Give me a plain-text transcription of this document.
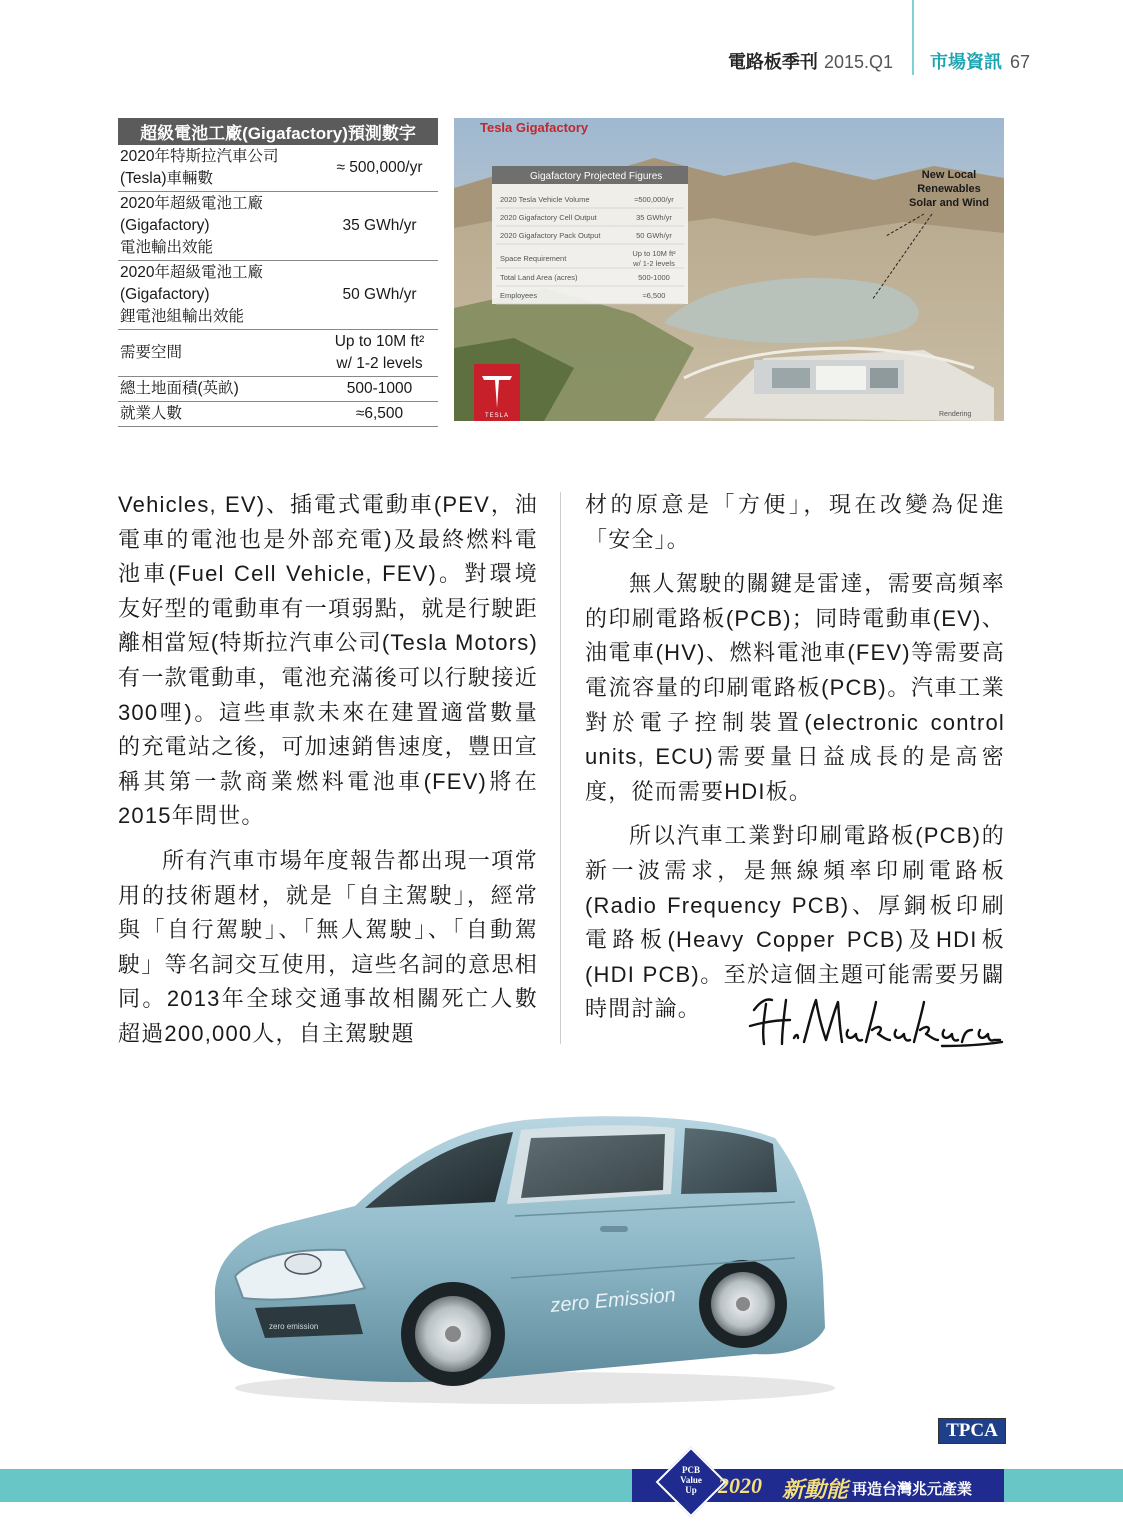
電路板季刊 2015.Q1 市場資訊 67
超級電池工廠(Gigafactory)預測數字	

2020年特斯拉汽車公司
(Tesla)車輛數	≈ 500,000/yr

2020年超級電池工廠
(Gigafactory)
電池輸出效能	35 GWh/yr

2020年超級電池工廠
(Gigafactory)
鋰電池組輸出效能	50 GWh/yr

需要空間	Up to 10M ft²
w/ 1-2 levels

總土地面積(英畝)	500-1000

就業人數	≈6,500
Tesla Gigafactory
Gigafactory Projected Figures
2020 Tesla Vehicle Volume	≈500,000/yr
2020 Gigafactory Cell Output	35 GWh/yr
2020 Gigafactory Pack Output	50 GWh/yr
Space Requirement
Up to 10M ft²
w/ 1-2 levels
Total Land Area (acres)	500-1000
Employees	≈6,500
New Local
Renewables
Solar and Wind
TESLA	Rendering

Vehicles, EV)、插電式電動車(PEV，油電車的電池也是外部充電)及最終燃料電池車(Fuel Cell Vehicle, FEV)。對環境友好型的電動車有一項弱點，就是行駛距離相當短(特斯拉汽車公司(Tesla Motors)有一款電動車，電池充滿後可以行駛接近300哩)。這些車款未來在建置適當數量的充電站之後，可加速銷售速度，豐田宣稱其第一款商業燃料電池車(FEV)將在2015年問世。

所有汽車市場年度報告都出現一項常用的技術題材，就是「自主駕駛」，經常與「自行駕駛」、「無人駕駛」、「自動駕駛」等名詞交互使用，這些名詞的意思相同。2013年全球交通事故相關死亡人數超過200,000人，自主駕駛題

材的原意是「方便」，現在改變為促進「安全」。

無人駕駛的關鍵是雷達，需要高頻率的印刷電路板(PCB)；同時電動車(EV)、油電車(HV)、燃料電池車(FEV)等需要高電流容量的印刷電路板(PCB)。汽車工業對於電子控制裝置(electronic control units, ECU)需要量日益成長的是高密度，從而需要HDI板。

所以汽車工業對印刷電路板(PCB)的新一波需求，是無線頻率印刷電路板(Radio Frequency PCB)、厚銅板印刷電路板(Heavy Copper PCB)及HDI板(HDI PCB)。至於這個主題可能需要另闢時間討論。

zero Emission
zero emission
TPCA
PCB
Value
Up 2020 新動能 再造台灣兆元產業
